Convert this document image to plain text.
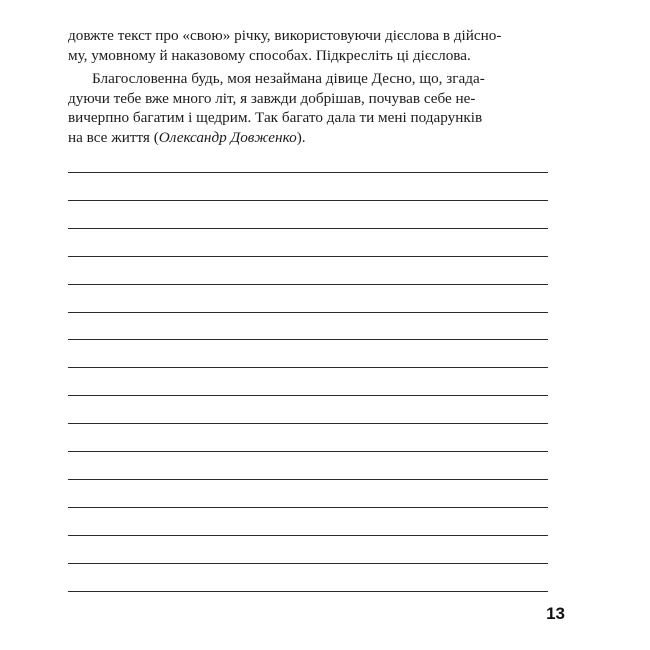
довжте текст про «свою» річку, використовуючи дієслова в дійсно-
му, умовному й наказовому способах. Підкресліть ці дієслова.

Благословенна будь, моя незаймана дівице Десно, що, згада-
дуючи тебе вже много літ, я завжди добрішав, почував себе не-
вичерпно багатим і щедрим. Так багато дала ти мені подарунків
на все життя (Олександр Довженко).

13
